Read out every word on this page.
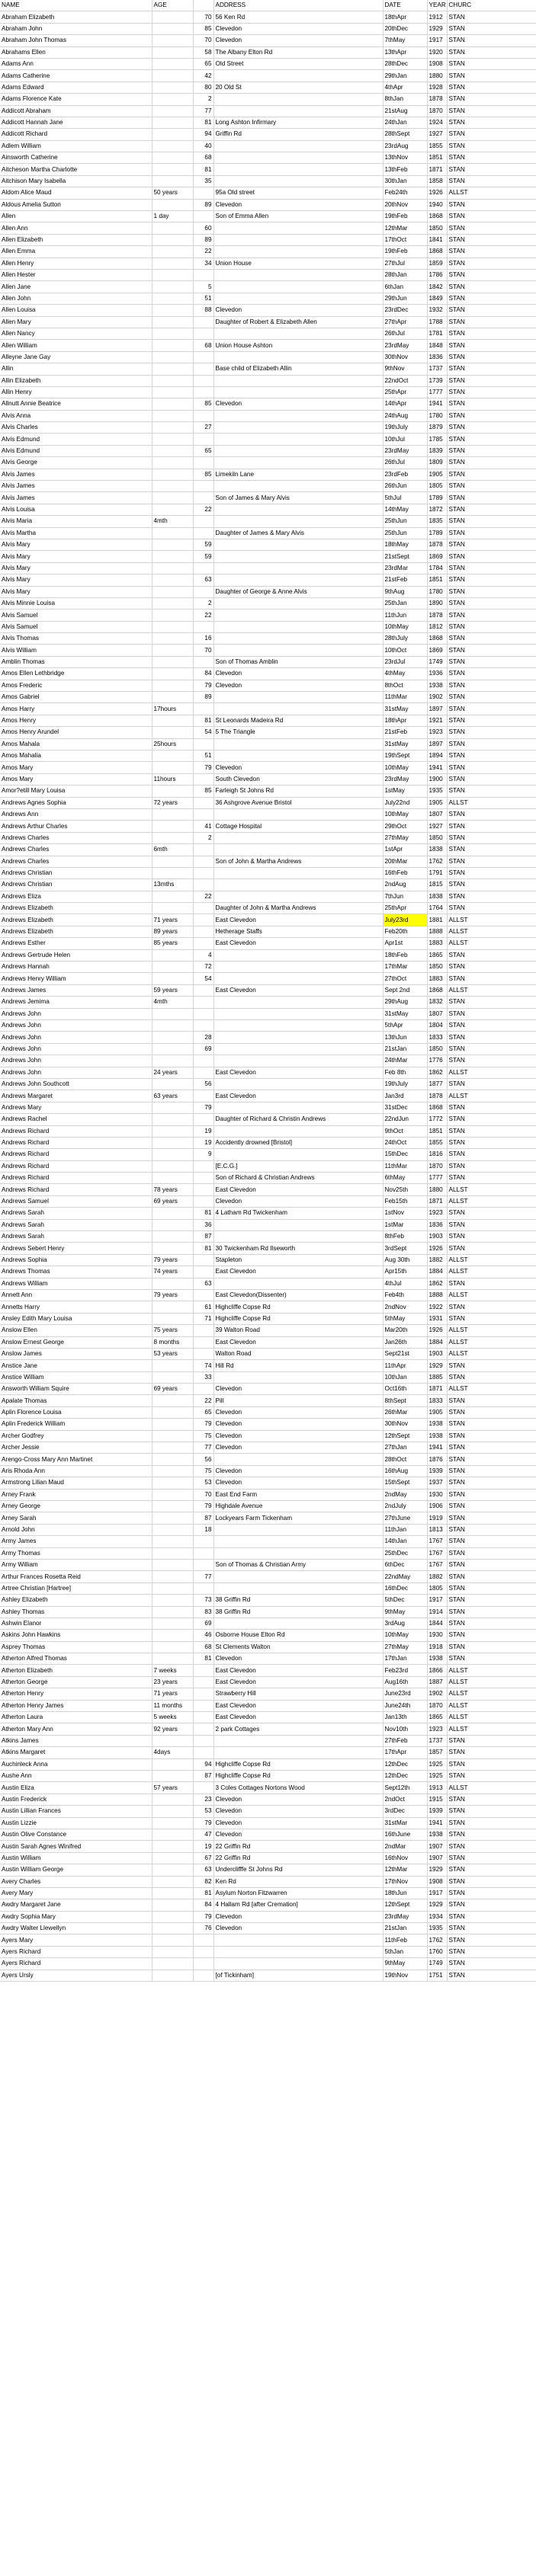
NAME	AGE		ADDRESS	DATE	YEAR	CHURC
Abraham Elizabeth		70	56 Ken Rd	18thApr	1912	STAN
Abraham John		85	Clevedon	20thDec	1929	STAN
Abraham John Thomas		70	Clevedon	7thMay	1917	STAN
Abrahams Ellen		58	The Albany Elton Rd	13thApr	1920	STAN
Adams Ann		65	Old Street	28thDec	1908	STAN
Adams Catherine		42		29thJan	1880	STAN
Adams Edward		80	20 Old St	4thApr	1928	STAN
Adams Florence Kate		2		8thJan	1878	STAN
Addicott Abraham		77		21stAug	1870	STAN
Addicott Hannah Jane		81	Long Ashton Infirmary	24thJan	1924	STAN
Addicott Richard		94	Griffin Rd	28thSept	1927	STAN
Adlem William		40		23rdAug	1855	STAN
Ainsworth Catherine		68		13thNov	1851	STAN
Aitcheson Martha Charlotte		81		13thFeb	1871	STAN
Aitchison Mary Isabella		35		30thJan	1858	STAN
Aldom Alice Maud	50 years		95a Old street	Feb24th	1926	ALLST
Aldous Amelia Sutton		89	Clevedon	20thNov	1940	STAN
Allen	1 day		Son of Emma Allen	19thFeb	1868	STAN
Allen Ann		60		12thMar	1850	STAN
Allen Elizabeth		89		17thOct	1841	STAN
Allen Emma		22		19thFeb	1868	STAN
Allen Henry		34	Union House	27thJul	1859	STAN
Allen Hester				28thJan	1786	STAN
Allen Jane		5		6thJan	1842	STAN
Allen John		51		29thJun	1849	STAN
Allen Louisa		88	Clevedon	23rdDec	1932	STAN
Allen Mary			Daughter of Robert & Elizabeth Allen	27thApr	1788	STAN
Allen Nancy				26thJul	1781	STAN
Allen William		68	Union House Ashton	23rdMay	1848	STAN
Alleyne Jane Gay				30thNov	1836	STAN
Allin			Base child of Elizabeth Allin	9thNov	1737	STAN
Allin Elizabeth				22ndOct	1739	STAN
Allin Henry				25thApr	1777	STAN
Allnutt Annie Beatrice		85	Clevedon	14thApr	1941	STAN
Alvis Anna				24thAug	1780	STAN
Alvis Charles		27		19thJuly	1879	STAN
Alvis Edmund				10thJul	1785	STAN
Alvis Edmund		65		23rdMay	1839	STAN
Alvis George				26thJul	1809	STAN
Alvis James		85	Limekiln Lane	23rdFeb	1905	STAN
Alvis James				26thJun	1805	STAN
Alvis James			Son of James & Mary Alvis	5thJul	1789	STAN
Alvis Louisa		22		14thMay	1872	STAN
Alvis Maria	4mth			25thJun	1835	STAN
Alvis Martha			Daughter of James & Mary Alvis	25thJun	1789	STAN
Alvis Mary		59		18thMay	1878	STAN
Alvis Mary		59		21stSept	1869	STAN
Alvis Mary				23rdMar	1784	STAN
Alvis Mary		63		21stFeb	1851	STAN
Alvis Mary			Daughter of George & Anne Alvis	9thAug	1780	STAN
Alvis Minnie Louisa		2		25thJan	1890	STAN
Alvis Samuel		22		11thJun	1878	STAN
Alvis Samuel				10thMay	1812	STAN
Alvis Thomas		16		28thJuly	1868	STAN
Alvis William		70		10thOct	1869	STAN
Amblin Thomas			Son of Thomas Amblin	23rdJul	1749	STAN
Amos Ellen Lethbridge		84	Clevedon	4thMay	1936	STAN
Amos Frederic		79	Clevedon	8thOct	1938	STAN
Amos Gabriel		89		11thMar	1902	STAN
Amos Harry	17hours			31stMay	1897	STAN
Amos Henry		81	St Leonards Madeira Rd	18thApr	1921	STAN
Amos Henry Arundel		54	5 The Triangle	21stFeb	1923	STAN
Amos Mahala	25hours			31stMay	1897	STAN
Amos Mahalia		51		19thSept	1894	STAN
Amos Mary		79	Clevedon	10thMay	1941	STAN
Amos Mary	11hours		South Clevedon	23rdMay	1900	STAN
Amor?etill Mary Louisa		85	Farleigh St Johns Rd	1stMay	1935	STAN
Andrews Agnes Sophia	72 years		36 Ashgrove Avenue Bristol	July22nd	1905	ALLST
Andrews Ann				10thMay	1807	STAN
Andrews Arthur Charles		41	Cottage Hospital	29thOct	1927	STAN
Andrews Charles		2		27thMay	1850	STAN
Andrews Charles	6mth			1stApr	1838	STAN
Andrews Charles			Son of John & Martha Andrews	20thMar	1762	STAN
Andrews Christian				16thFeb	1791	STAN
Andrews Christian	13mths			2ndAug	1815	STAN
Andrews Eliza		22		7thJun	1838	STAN
Andrews Elizabeth			Daughter of John & Martha Andrews	25thApr	1764	STAN
Andrews Elizabeth	71 years		East Clevedon	July23rd	1881	ALLST
Andrews Elizabeth	89 years		Hetherage Staffs	Feb20th	1888	ALLST
Andrews Esther	85 years		East Clevedon	Apr1st	1883	ALLST
Andrews Gertrude Helen		4		18thFeb	1865	STAN
Andrews Hannah		72		17thMar	1850	STAN
Andrews Henry William		54		27thOct	1883	STAN
Andrews James	59 years		East Clevedon	Sept 2nd	1868	ALLST
Andrews Jemima	4mth			29thAug	1832	STAN
Andrews John				31stMay	1807	STAN
Andrews John				5thApr	1804	STAN
Andrews John		28		13thJun	1833	STAN
Andrews John		69		21stJan	1850	STAN
Andrews John				24thMar	1776	STAN
Andrews John	24 years		East Clevedon	Feb 8th	1862	ALLST
Andrews John Southcott		56		19thJuly	1877	STAN
Andrews Margaret	63 years		East Clevedon	Jan3rd	1878	ALLST
Andrews Mary		79		31stDec	1868	STAN
Andrews Rachel			Daughter of Richard & Christin Andrews	22ndJun	1772	STAN
Andrews Richard		19		9thOct	1851	STAN
Andrews Richard		19	Accidently drowned [Bristol]	24thOct	1855	STAN
Andrews Richard		9		15thDec	1816	STAN
Andrews Richard			[E.C.G.]	11thMar	1870	STAN
Andrews Richard			Son of Richard & Christian Andrews	6thMay	1777	STAN
Andrews Richard	78 years		East Clevedon	Nov25th	1880	ALLST
Andrews Samuel	69 years		Clevedon	Feb15th	1871	ALLST
Andrews Sarah		81	4 Latham Rd Twickenham	1stNov	1923	STAN
Andrews Sarah		36		1stMar	1836	STAN
Andrews Sarah		87		8thFeb	1903	STAN
Andrews Sebert Henry		81	30 Twickenham Rd Ilseworth	3rdSept	1926	STAN
Andrews Sophia	79 years		Stapleton	Aug 30th	1882	ALLST
Andrews Thomas	74 years		East Clevedon	Apr15th	1884	ALLST
Andrews William		63		4thJul	1862	STAN
Annett Ann	79 years		East Clevedon(Dissenter)	Feb4th	1888	ALLST
Annetts Harry		61	Highcliffe Copse Rd	2ndNov	1922	STAN
Ansley Edith Mary Louisa		71	Highcliffe Copse Rd	5thMay	1931	STAN
Anslow Ellen	75 years		39 Walton Road	Mar20th	1926	ALLST
Anslow Ernest George	8 months		East Clevedon	Jan26th	1884	ALLST
Anslow James	53 years		Walton Road	Sept21st	1903	ALLST
Anstice Jane		74	Hill Rd	11thApr	1929	STAN
Anstice William		33		10thJan	1885	STAN
Answorth William Squire	69 years		Clevedon	Oct16th	1871	ALLST
Apalate Thomas		22	Pill	8thSept	1833	STAN
Aplin Florence Louisa		65	Clevedon	26thMar	1905	STAN
Aplin Frederick William		79	Clevedon	30thNov	1938	STAN
Archer Godfrey		75	Clevedon	12thSept	1938	STAN
Archer Jessie		77	Clevedon	27thJan	1941	STAN
Arengo-Cross Mary Ann Martinet		56		28thOct	1876	STAN
Aris Rhoda Ann		75	Clevedon	16thAug	1939	STAN
Armstrong Lilian Maud		53	Clevedon	15thSept	1937	STAN
Arney Frank		70	East End Farm	2ndMay	1930	STAN
Arney George		79	Highdale Avenue	2ndJuly	1906	STAN
Arney Sarah		87	Lockyears Farm Tickenham	27thJune	1919	STAN
Arnold John		18		11thJan	1813	STAN
Army James				14thJan	1767	STAN
Army Thomas				25thDec	1767	STAN
Army William			Son of Thomas & Christian Army	6thDec	1767	STAN
Arthur Frances Rosetta Reid		77		22ndMay	1882	STAN
Artree Christian [Hartree]				16thDec	1805	STAN
Ashley Elizabeth		73	38 Griffin Rd	5thDec	1917	STAN
Ashley Thomas		83	38 Griffin Rd	9thMay	1914	STAN
Ashwin Elanor		69		3rdAug	1844	STAN
Askins John Hawkins		46	Osborne House Elton Rd	10thMay	1930	STAN
Asprey Thomas		68	St Clements Walton	27thMay	1918	STAN
Atherton Alfred Thomas		81	Clevedon	17thJan	1938	STAN
Atherton Elizabeth	7 weeks		East Clevedon	Feb23rd	1866	ALLST
Atherton George	23 years		East Clevedon	Aug16th	1887	ALLST
Atherton Henry	71 years		Strawberry Hill	June23rd	1902	ALLST
Atherton Henry James	11 months		East Clevedon	June24th	1870	ALLST
Atherton Laura	5 weeks		East Clevedon	Jan13th	1865	ALLST
Atherton Mary Ann	92 years		2 park Cottages	Nov10th	1923	ALLST
Atkins James				27thFeb	1737	STAN
Atkins Margaret	4days			17thApr	1857	STAN
Auchinleck Anna		94	Highcliffe Copse Rd	12thDec	1925	STAN
Aushe Ann		87	Highcliffe Copse Rd	12thDec	1925	STAN
Austin Eliza	57 years		3 Coles Cottages Nortons Wood	Sept12th	1913	ALLST
Austin Frederick		23	Clevedon	2ndOct	1915	STAN
Austin Lillian Frances		53	Clevedon	3rdDec	1939	STAN
Austin Lizzie		79	Clevedon	31stMar	1941	STAN
Austin Olive Constance		47	Clevedon	16thJune	1938	STAN
Austin Sarah Agnes Winifred		19	22 Griffin Rd	2ndMar	1907	STAN
Austin William		67	22 Griffin Rd	16thNov	1907	STAN
Austin William George		63	Underclifffe St Johns Rd	12thMar	1929	STAN
Avery Charles		82	Ken Rd	17thNov	1908	STAN
Avery Mary		81	Asylum Norton Fitzwarren	18thJun	1917	STAN
Awdry Margaret Jane		84	4 Hallam Rd [after Cremation]	12thSept	1929	STAN
Awdry Sophia Mary		79	Clevedon	23rdMay	1934	STAN
Awdry Walter Llewellyn		76	Clevedon	21stJan	1935	STAN
Ayers Mary				11thFeb	1762	STAN
Ayers Richard				5thJan	1760	STAN
Ayers Richard				9thMay	1749	STAN
Ayers Ursly			[of Tickinham]	19thNov	1751	STAN
